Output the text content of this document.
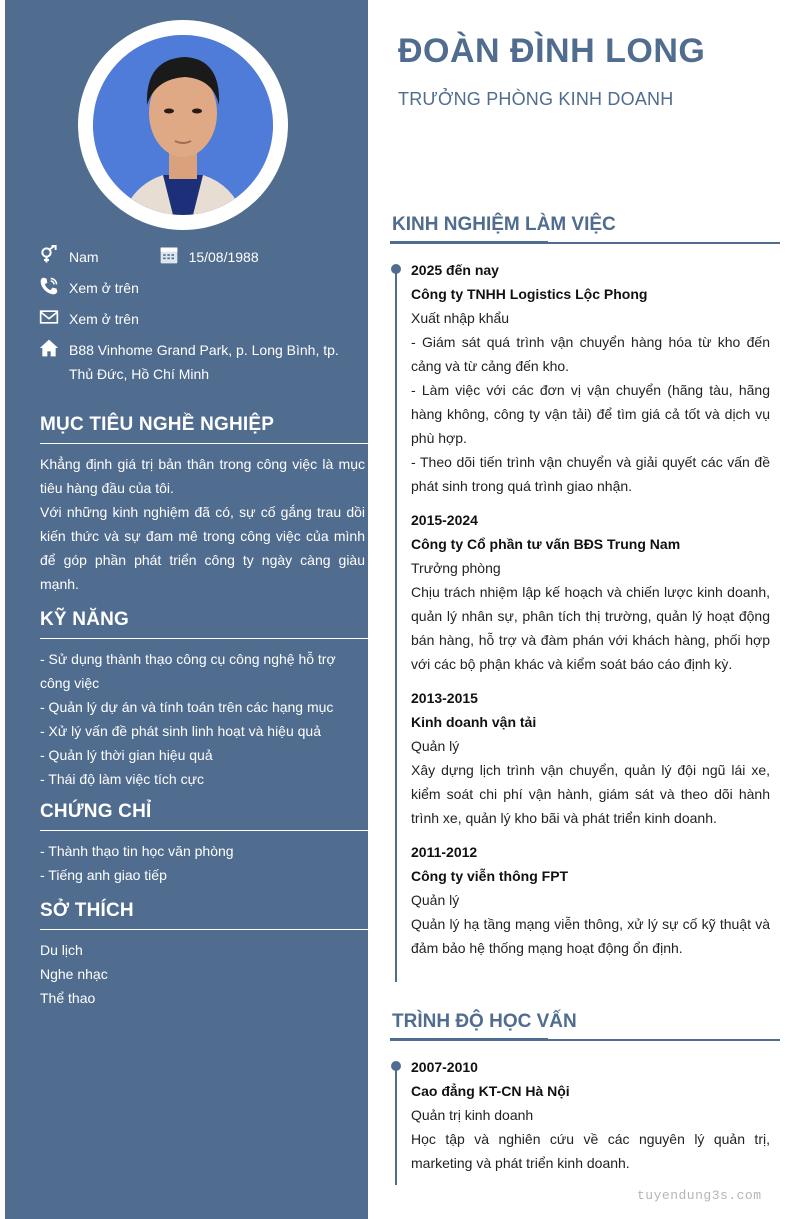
Nam	15/08/1988
Xem ở trên
Xem ở trên
B88 Vinhome Grand Park, p. Long Bình, tp. Thủ Đức, Hồ Chí Minh
MỤC TIÊU NGHỀ NGHIỆP

Khẳng định giá trị bản thân trong công việc là mục tiêu hàng đầu của tôi.

Với những kinh nghiệm đã có, sự cố gắng trau dồi kiến thức và sự đam mê trong công việc của mình để góp phần phát triển công ty ngày càng giàu mạnh.

KỸ NĂNG

- Sử dụng thành thạo công cụ công nghệ hỗ trợ công việc

- Quản lý dự án và tính toán trên các hạng mục

- Xử lý vấn đề phát sinh linh hoạt và hiệu quả

- Quản lý thời gian hiệu quả

- Thái độ làm việc tích cực

CHỨNG CHỈ

- Thành thạo tin học văn phòng

- Tiếng anh giao tiếp

SỞ THÍCH

Du lịch

Nghe nhạc

Thể thao

ĐOÀN ĐÌNH LONG
TRƯỞNG PHÒNG KINH DOANH
KINH NGHIỆM LÀM VIỆC
2025 đến nay
Công ty TNHH Logistics Lộc Phong
Xuất nhập khẩu
- Giám sát quá trình vận chuyển hàng hóa từ kho đến cảng và từ cảng đến kho.
- Làm việc với các đơn vị vận chuyển (hãng tàu, hãng hàng không, công ty vận tải) để tìm giá cả tốt và dịch vụ phù hợp.
- Theo dõi tiến trình vận chuyển và giải quyết các vấn đề phát sinh trong quá trình giao nhận.
2015-2024
Công ty Cổ phần tư vấn BĐS Trung Nam
Trưởng phòng
Chịu trách nhiệm lập kế hoạch và chiến lược kinh doanh, quản lý nhân sự, phân tích thị trường, quản lý hoạt động bán hàng, hỗ trợ và đàm phán với khách hàng, phối hợp với các bộ phận khác và kiểm soát báo cáo định kỳ.
2013-2015
Kinh doanh vận tải
Quản lý
Xây dựng lịch trình vận chuyển, quản lý đội ngũ lái xe, kiểm soát chi phí vận hành, giám sát và theo dõi hành trình xe, quản lý kho bãi và phát triển kinh doanh.
2011-2012
Công ty viễn thông FPT
Quản lý
Quản lý hạ tầng mạng viễn thông, xử lý sự cố kỹ thuật và đảm bảo hệ thống mạng hoạt động ổn định.
TRÌNH ĐỘ HỌC VẤN
2007-2010
Cao đẳng KT-CN Hà Nội
Quản trị kinh doanh
Học tập và nghiên cứu về các nguyên lý quản trị, marketing và phát triển kinh doanh.
tuyendung3s.com
